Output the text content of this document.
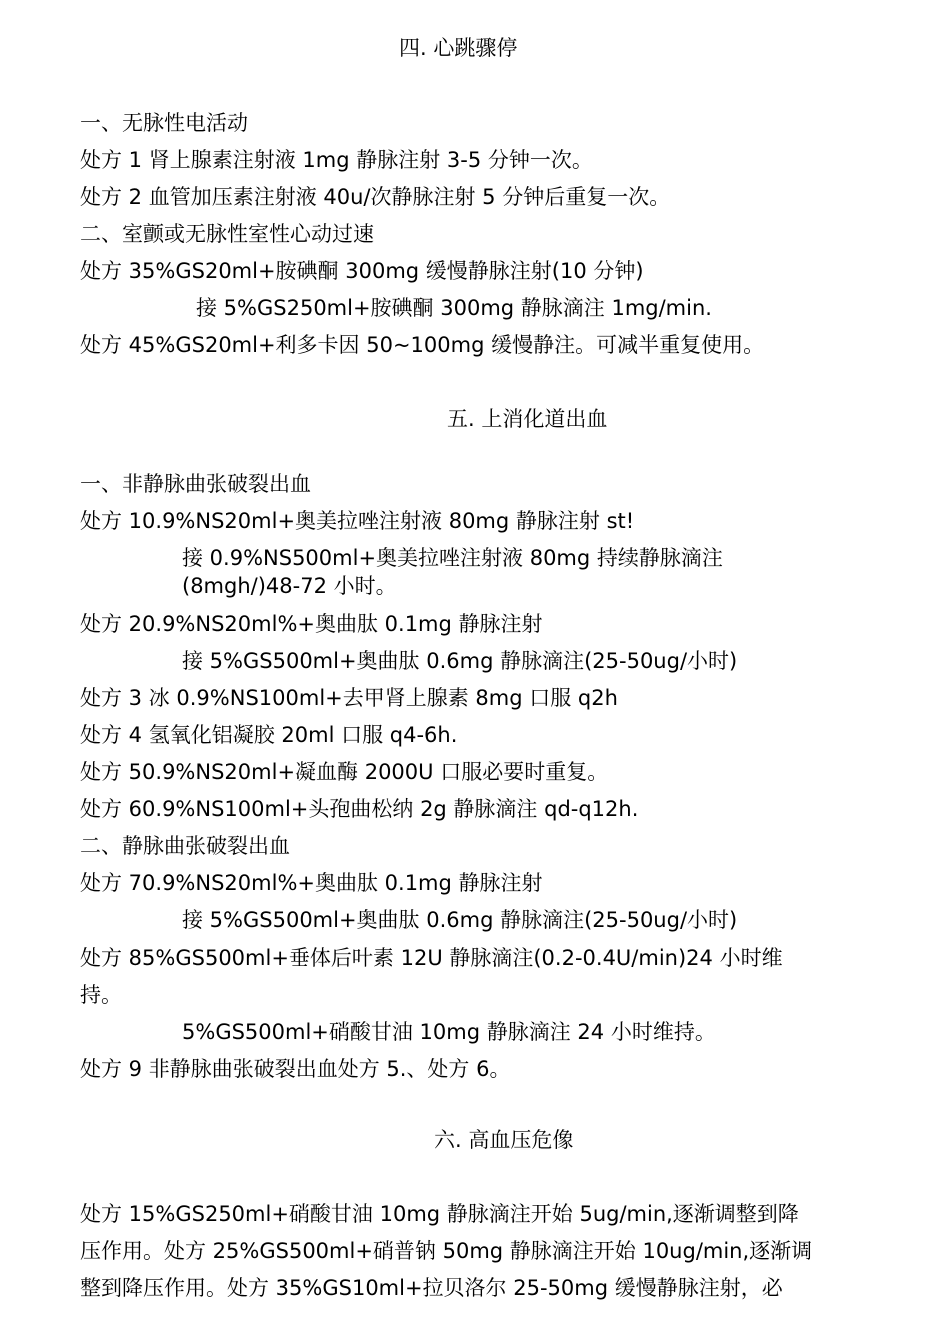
四. 心跳骤停
一、无脉性电活动
处方 1 肾上腺素注射液 1mg 静脉注射 3-5 分钟一次。
处方 2 血管加压素注射液 40u/次静脉注射 5 分钟后重复一次。
二、室颤或无脉性室性心动过速
处方 35%GS20ml+胺碘酮 300mg 缓慢静脉注射(10 分钟)
接 5%GS250ml+胺碘酮 300mg 静脉滴注 1mg/min.
处方 45%GS20ml+利多卡因 50~100mg 缓慢静注。可减半重复使用。
五. 上消化道出血
一、非静脉曲张破裂出血
处方 10.9%NS20ml+奥美拉唑注射液 80mg 静脉注射 st!
接 0.9%NS500ml+奥美拉唑注射液 80mg 持续静脉滴注
(8mgh/)48-72 小时。
处方 20.9%NS20ml%+奥曲肽 0.1mg 静脉注射
接 5%GS500ml+奥曲肽 0.6mg 静脉滴注(25-50ug/小时)
处方 3 冰 0.9%NS100ml+去甲肾上腺素 8mg 口服 q2h
处方 4 氢氧化铝凝胶 20ml 口服 q4-6h.
处方 50.9%NS20ml+凝血酶 2000U 口服必要时重复。
处方 60.9%NS100ml+头孢曲松纳 2g 静脉滴注 qd-q12h.
二、静脉曲张破裂出血
处方 70.9%NS20ml%+奥曲肽 0.1mg 静脉注射
接 5%GS500ml+奥曲肽 0.6mg 静脉滴注(25-50ug/小时)
处方 85%GS500ml+垂体后叶素 12U 静脉滴注(0.2-0.4U/min)24 小时维
持。
5%GS500ml+硝酸甘油 10mg 静脉滴注 24 小时维持。
处方 9 非静脉曲张破裂出血处方 5.、处方 6。
六. 高血压危像
处方 15%GS250ml+硝酸甘油 10mg 静脉滴注开始 5ug/min,逐渐调整到降
压作用。处方 25%GS500ml+硝普钠 50mg 静脉滴注开始 10ug/min,逐渐调
整到降压作用。处方 35%GS10ml+拉贝洛尔 25-50mg 缓慢静脉注射，必
